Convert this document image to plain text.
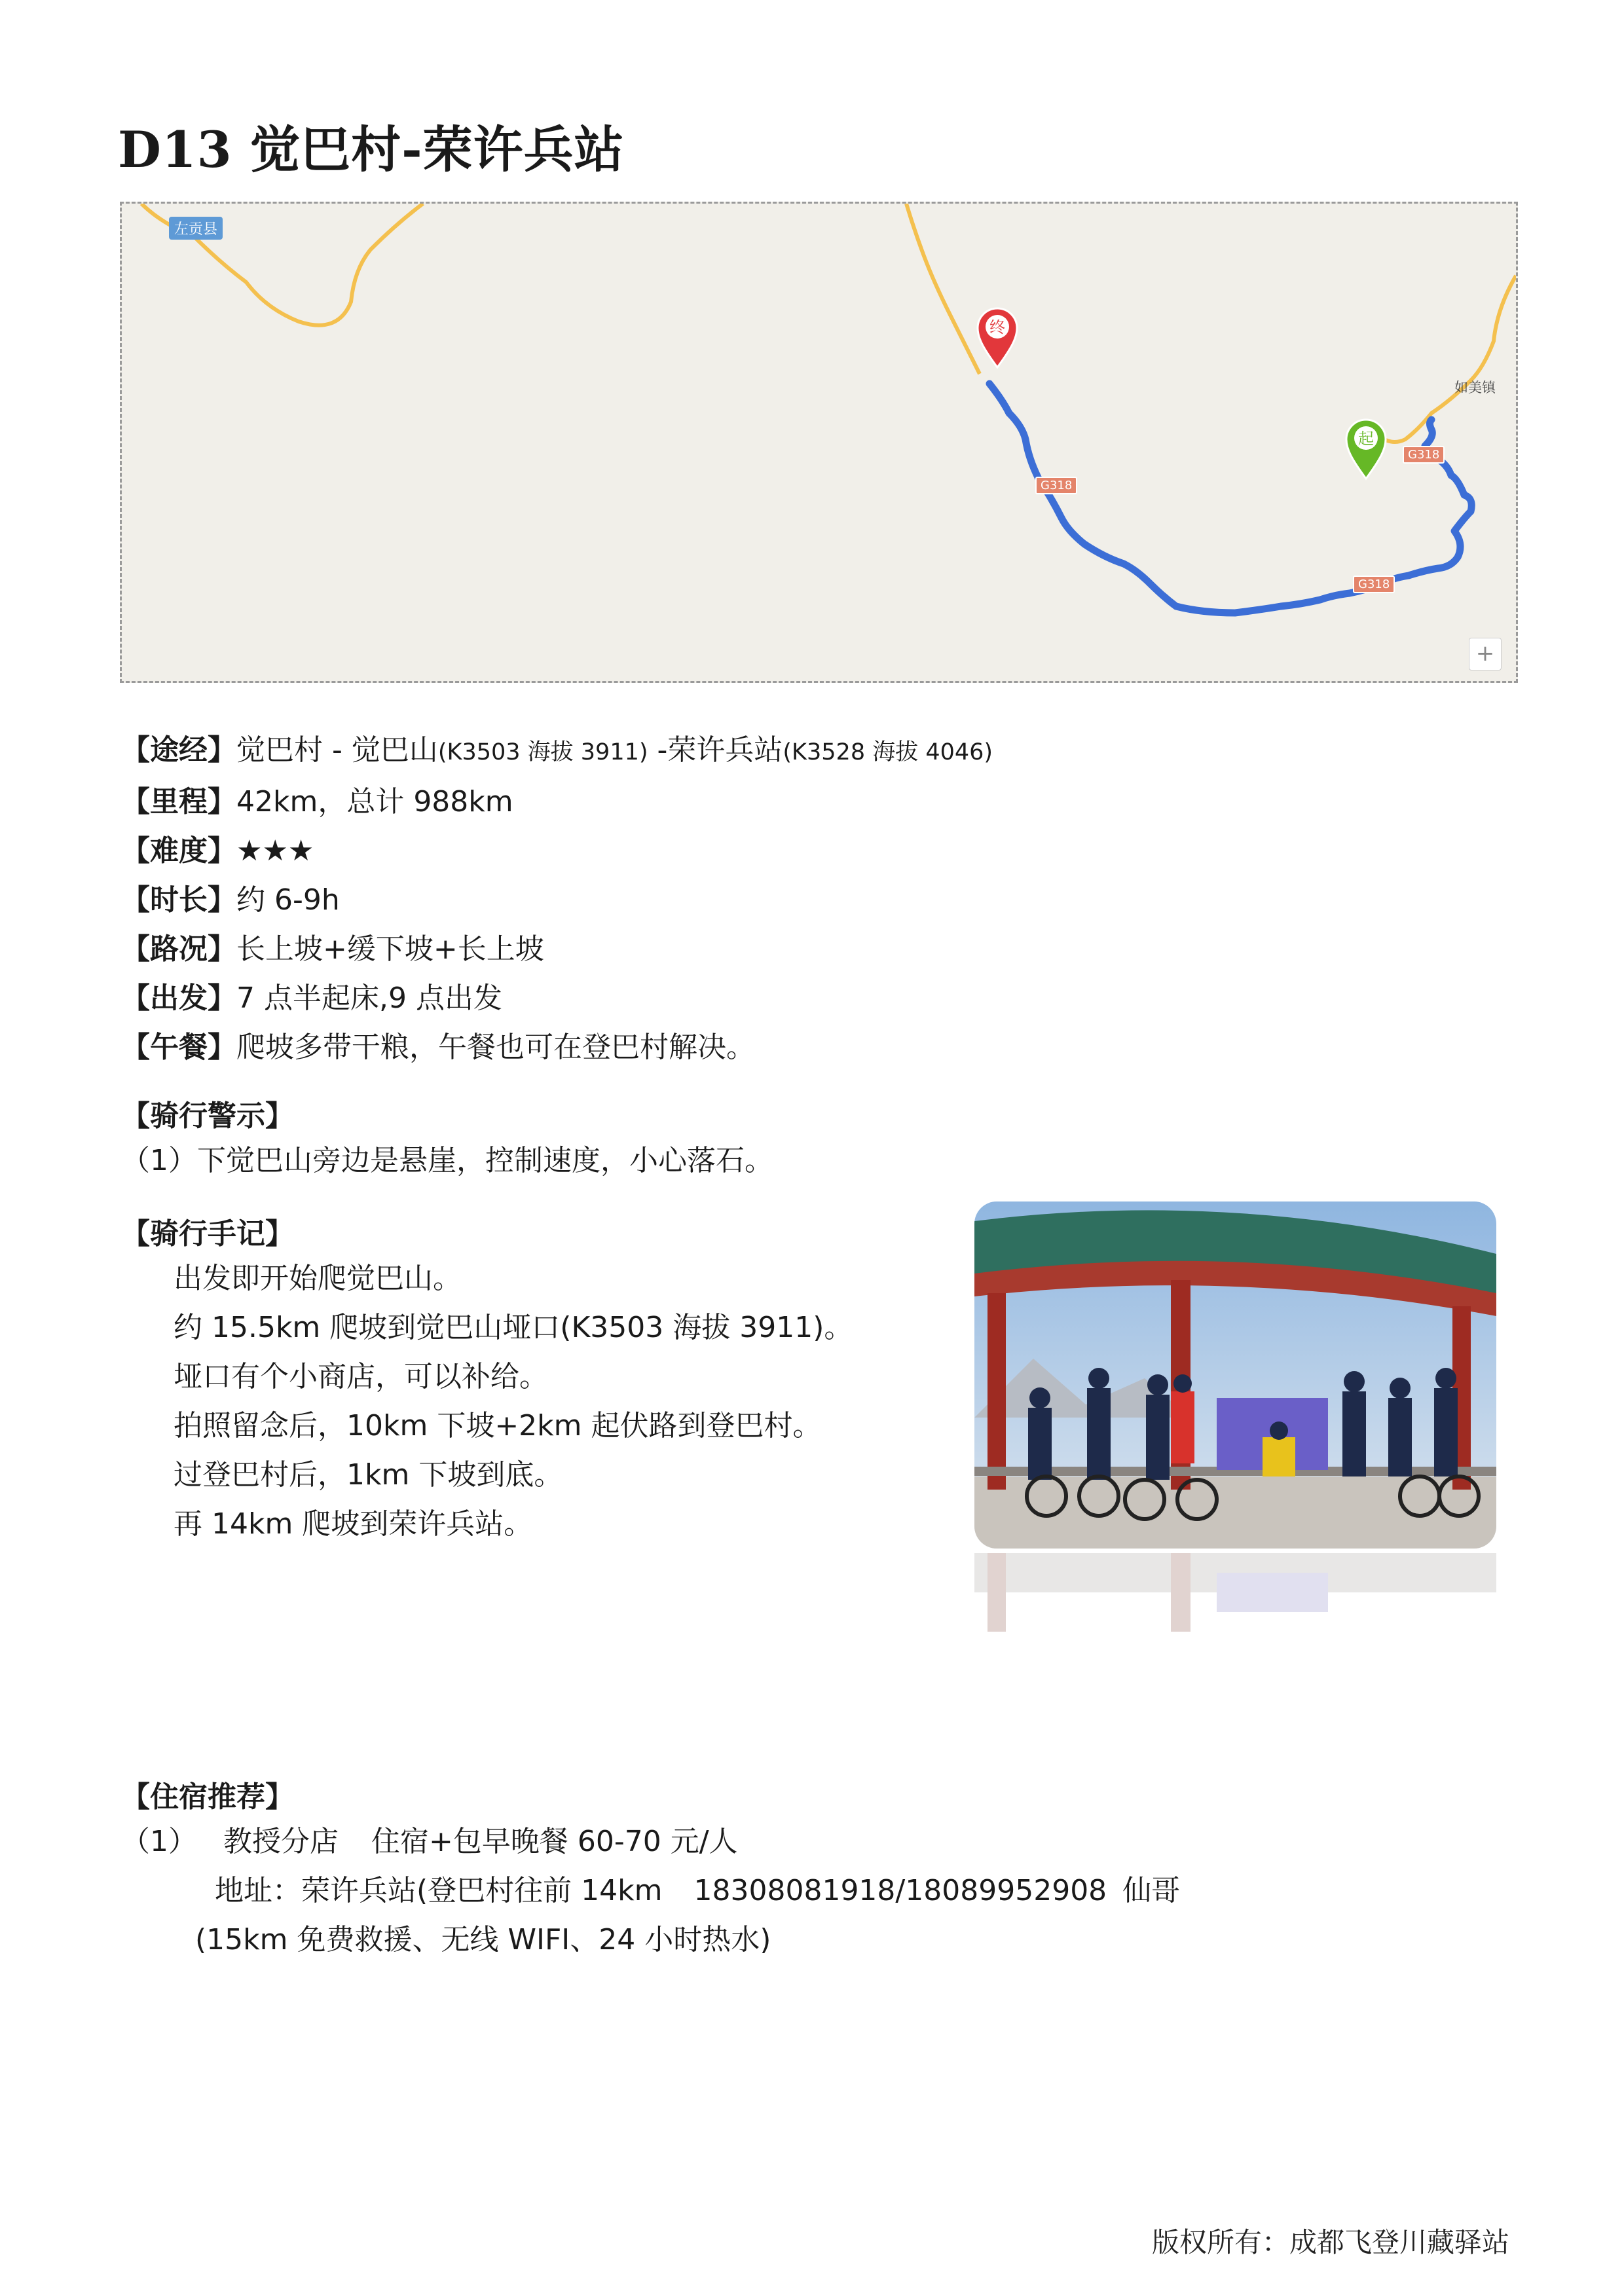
D13 觉巴村-荣许兵站
终
起
左贡县
如美镇
G318
G318
G318
+
【途经】觉巴村 - 觉巴山(K3503 海拔 3911) -荣许兵站(K3528 海拔 4046)
【里程】42km，总计 988km
【难度】★★★
【时长】约 6-9h
【路况】长上坡+缓下坡+长上坡
【出发】7 点半起床,9 点出发
【午餐】爬坡多带干粮，午餐也可在登巴村解决。
【骑行警示】
（1）下觉巴山旁边是悬崖，控制速度，小心落石。
【骑行手记】
出发即开始爬觉巴山。
约 15.5km 爬坡到觉巴山垭口(K3503 海拔 3911)。
垭口有个小商店，可以补给。
拍照留念后，10km 下坡+2km 起伏路到登巴村。
过登巴村后，1km 下坡到底。
再 14km 爬坡到荣许兵站。
【住宿推荐】
（1） 教授分店 住宿+包早晚餐 60-70 元/人
地址：荣许兵站(登巴村往前 14km 18308081918/18089952908 仙哥
(15km 免费救援、无线 WIFI、24 小时热水)
版权所有：成都飞登川藏驿站
